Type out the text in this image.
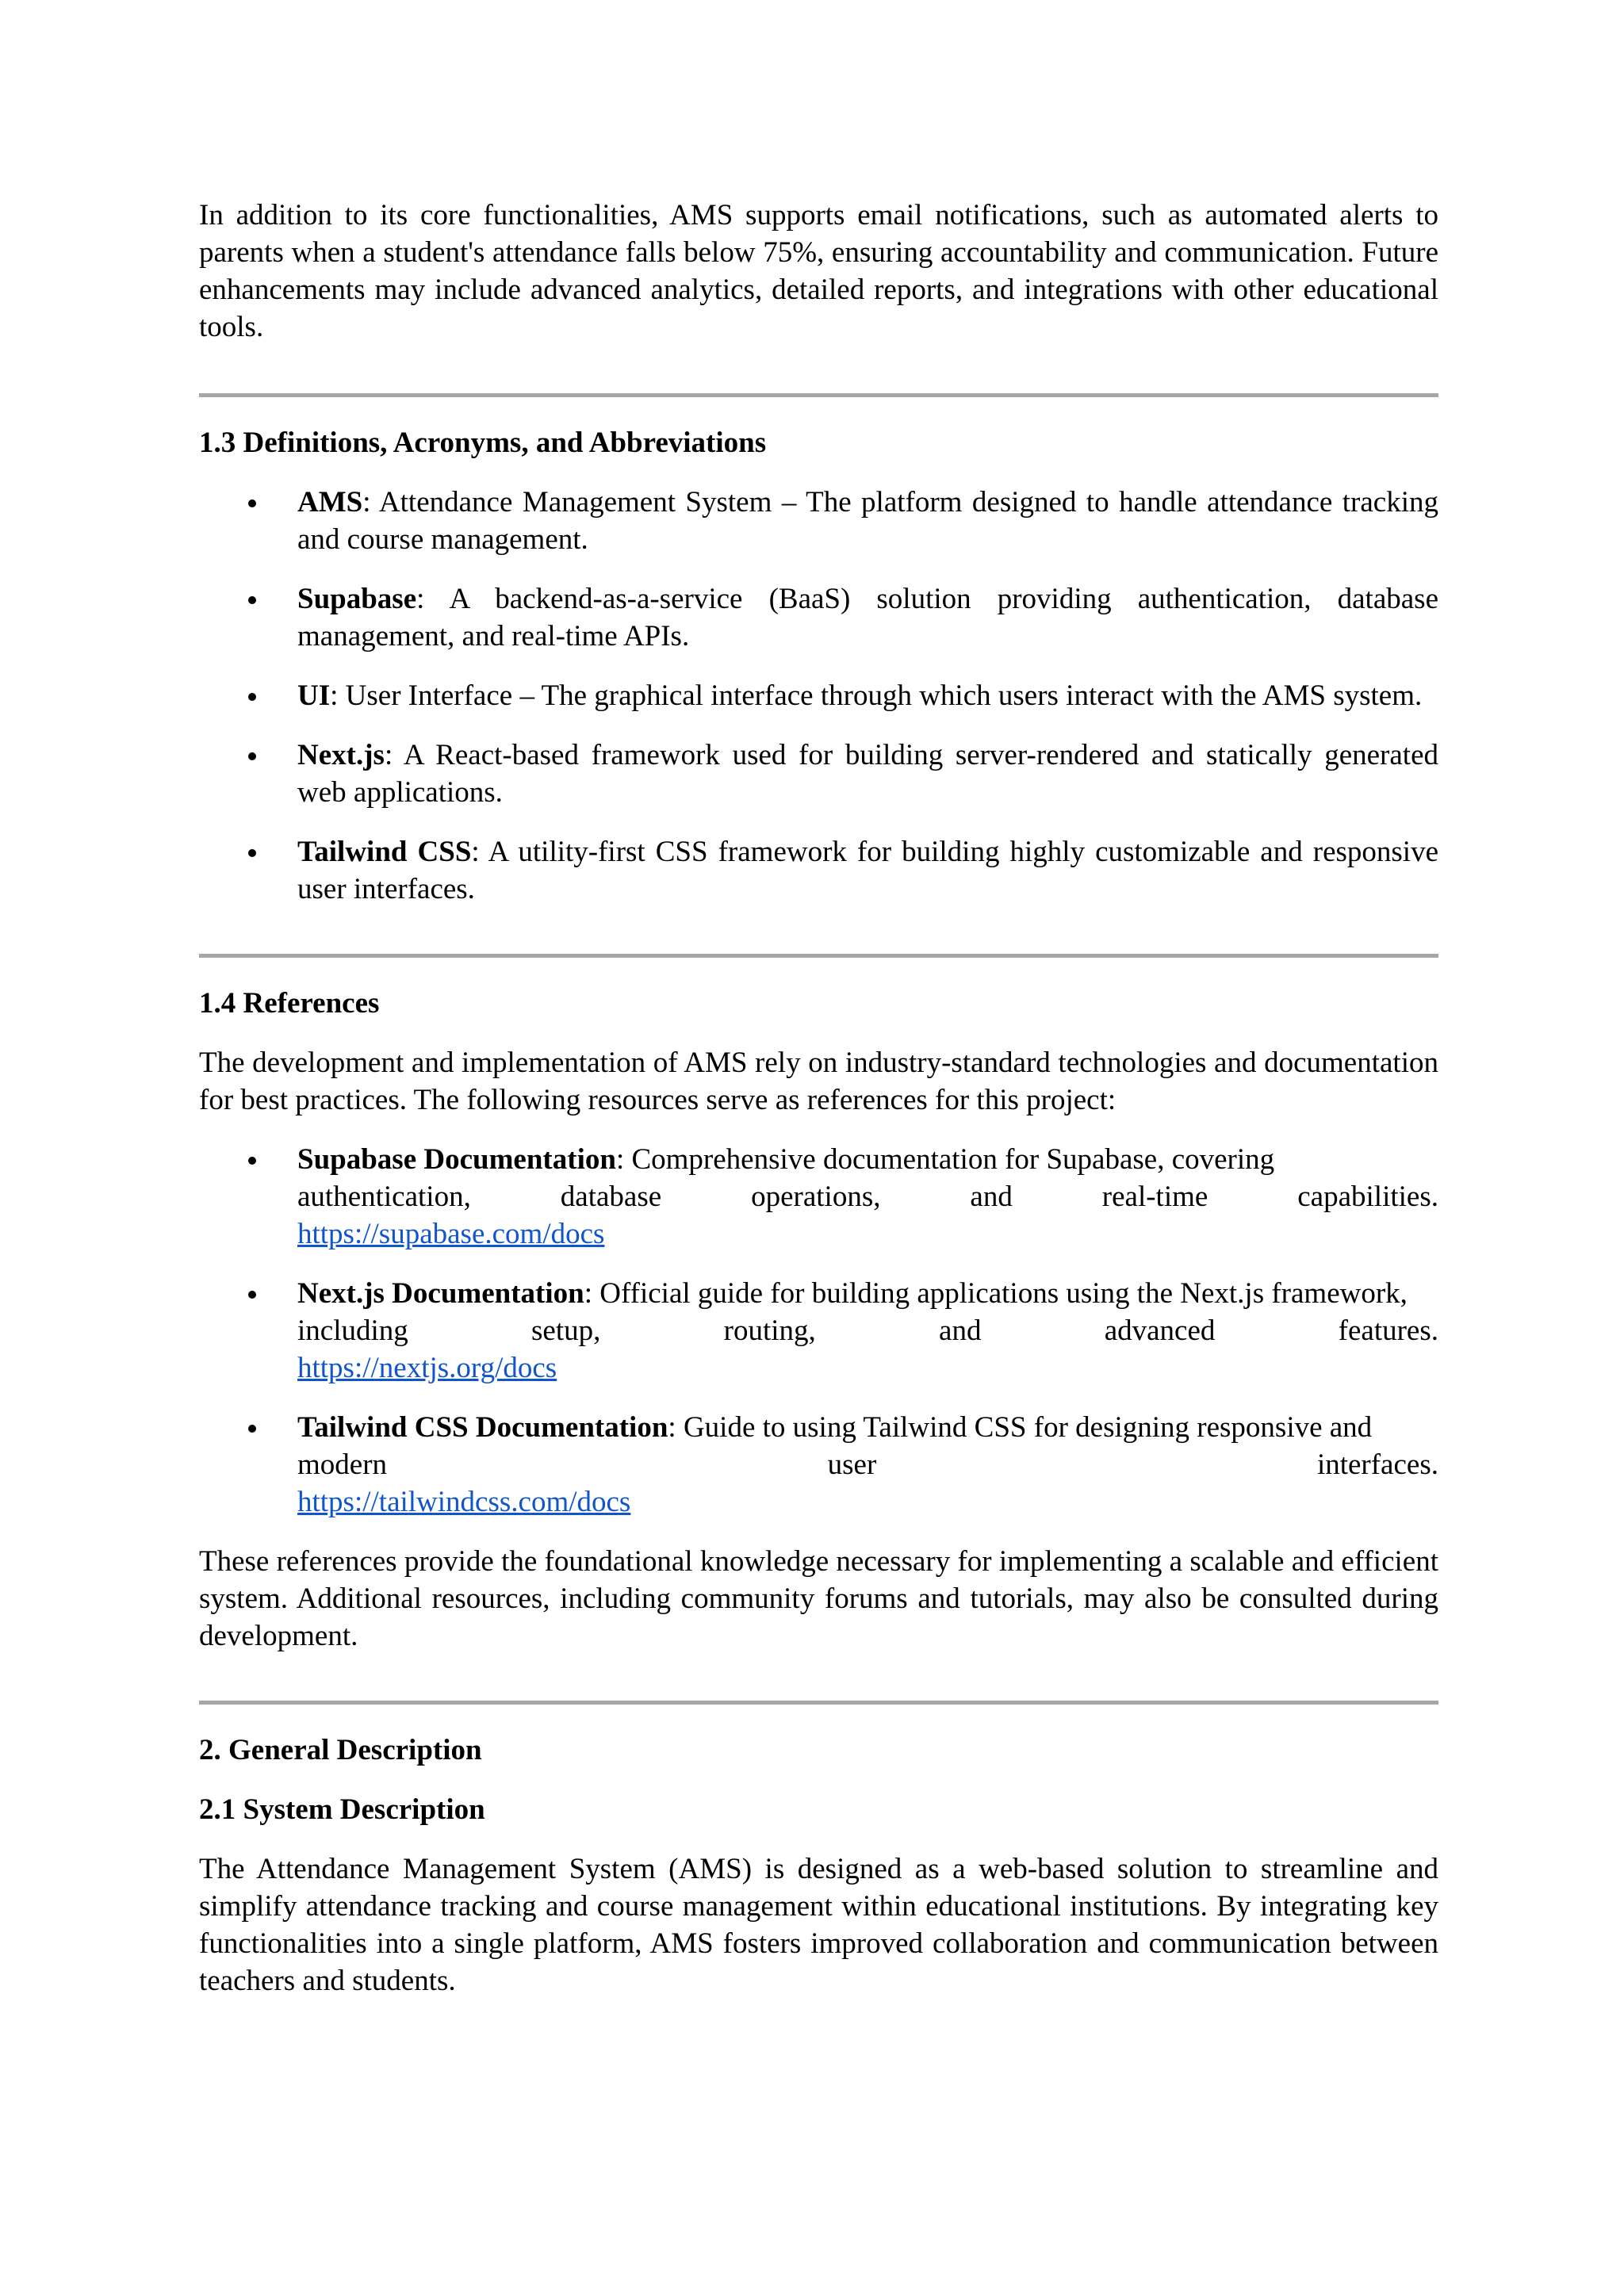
In addition to its core functionalities, AMS supports email notifications, such as automated alerts to parents when a student's attendance falls below 75%, ensuring accountability and communication. Future enhancements may include advanced analytics, detailed reports, and integrations with other educational tools.

1.3 Definitions, Acronyms, and Abbreviations

AMS: Attendance Management System – The platform designed to handle attendance tracking and course management.
Supabase: A backend-as-a-service (BaaS) solution providing authentication, database management, and real-time APIs.
UI: User Interface – The graphical interface through which users interact with the AMS system.
Next.js: A React-based framework used for building server-rendered and statically generated web applications.
Tailwind CSS: A utility-first CSS framework for building highly customizable and responsive user interfaces.

1.4 References

The development and implementation of AMS rely on industry-standard technologies and documentation for best practices. The following resources serve as references for this project:

Supabase Documentation: Comprehensive documentation for Supabase, covering
authentication,	database	operations,	and	real-time	capabilities.
https://supabase.com/docs
Next.js Documentation: Official guide for building applications using the Next.js framework,
including	setup,	routing,	and	advanced	features.
https://nextjs.org/docs
Tailwind CSS Documentation: Guide to using Tailwind CSS for designing responsive and
modern	user	interfaces.
https://tailwindcss.com/docs

These references provide the foundational knowledge necessary for implementing a scalable and efficient system. Additional resources, including community forums and tutorials, may also be consulted during development.

2. General Description

2.1 System Description

The Attendance Management System (AMS) is designed as a web-based solution to streamline and simplify attendance tracking and course management within educational institutions. By integrating key functionalities into a single platform, AMS fosters improved collaboration and communication between teachers and students.
